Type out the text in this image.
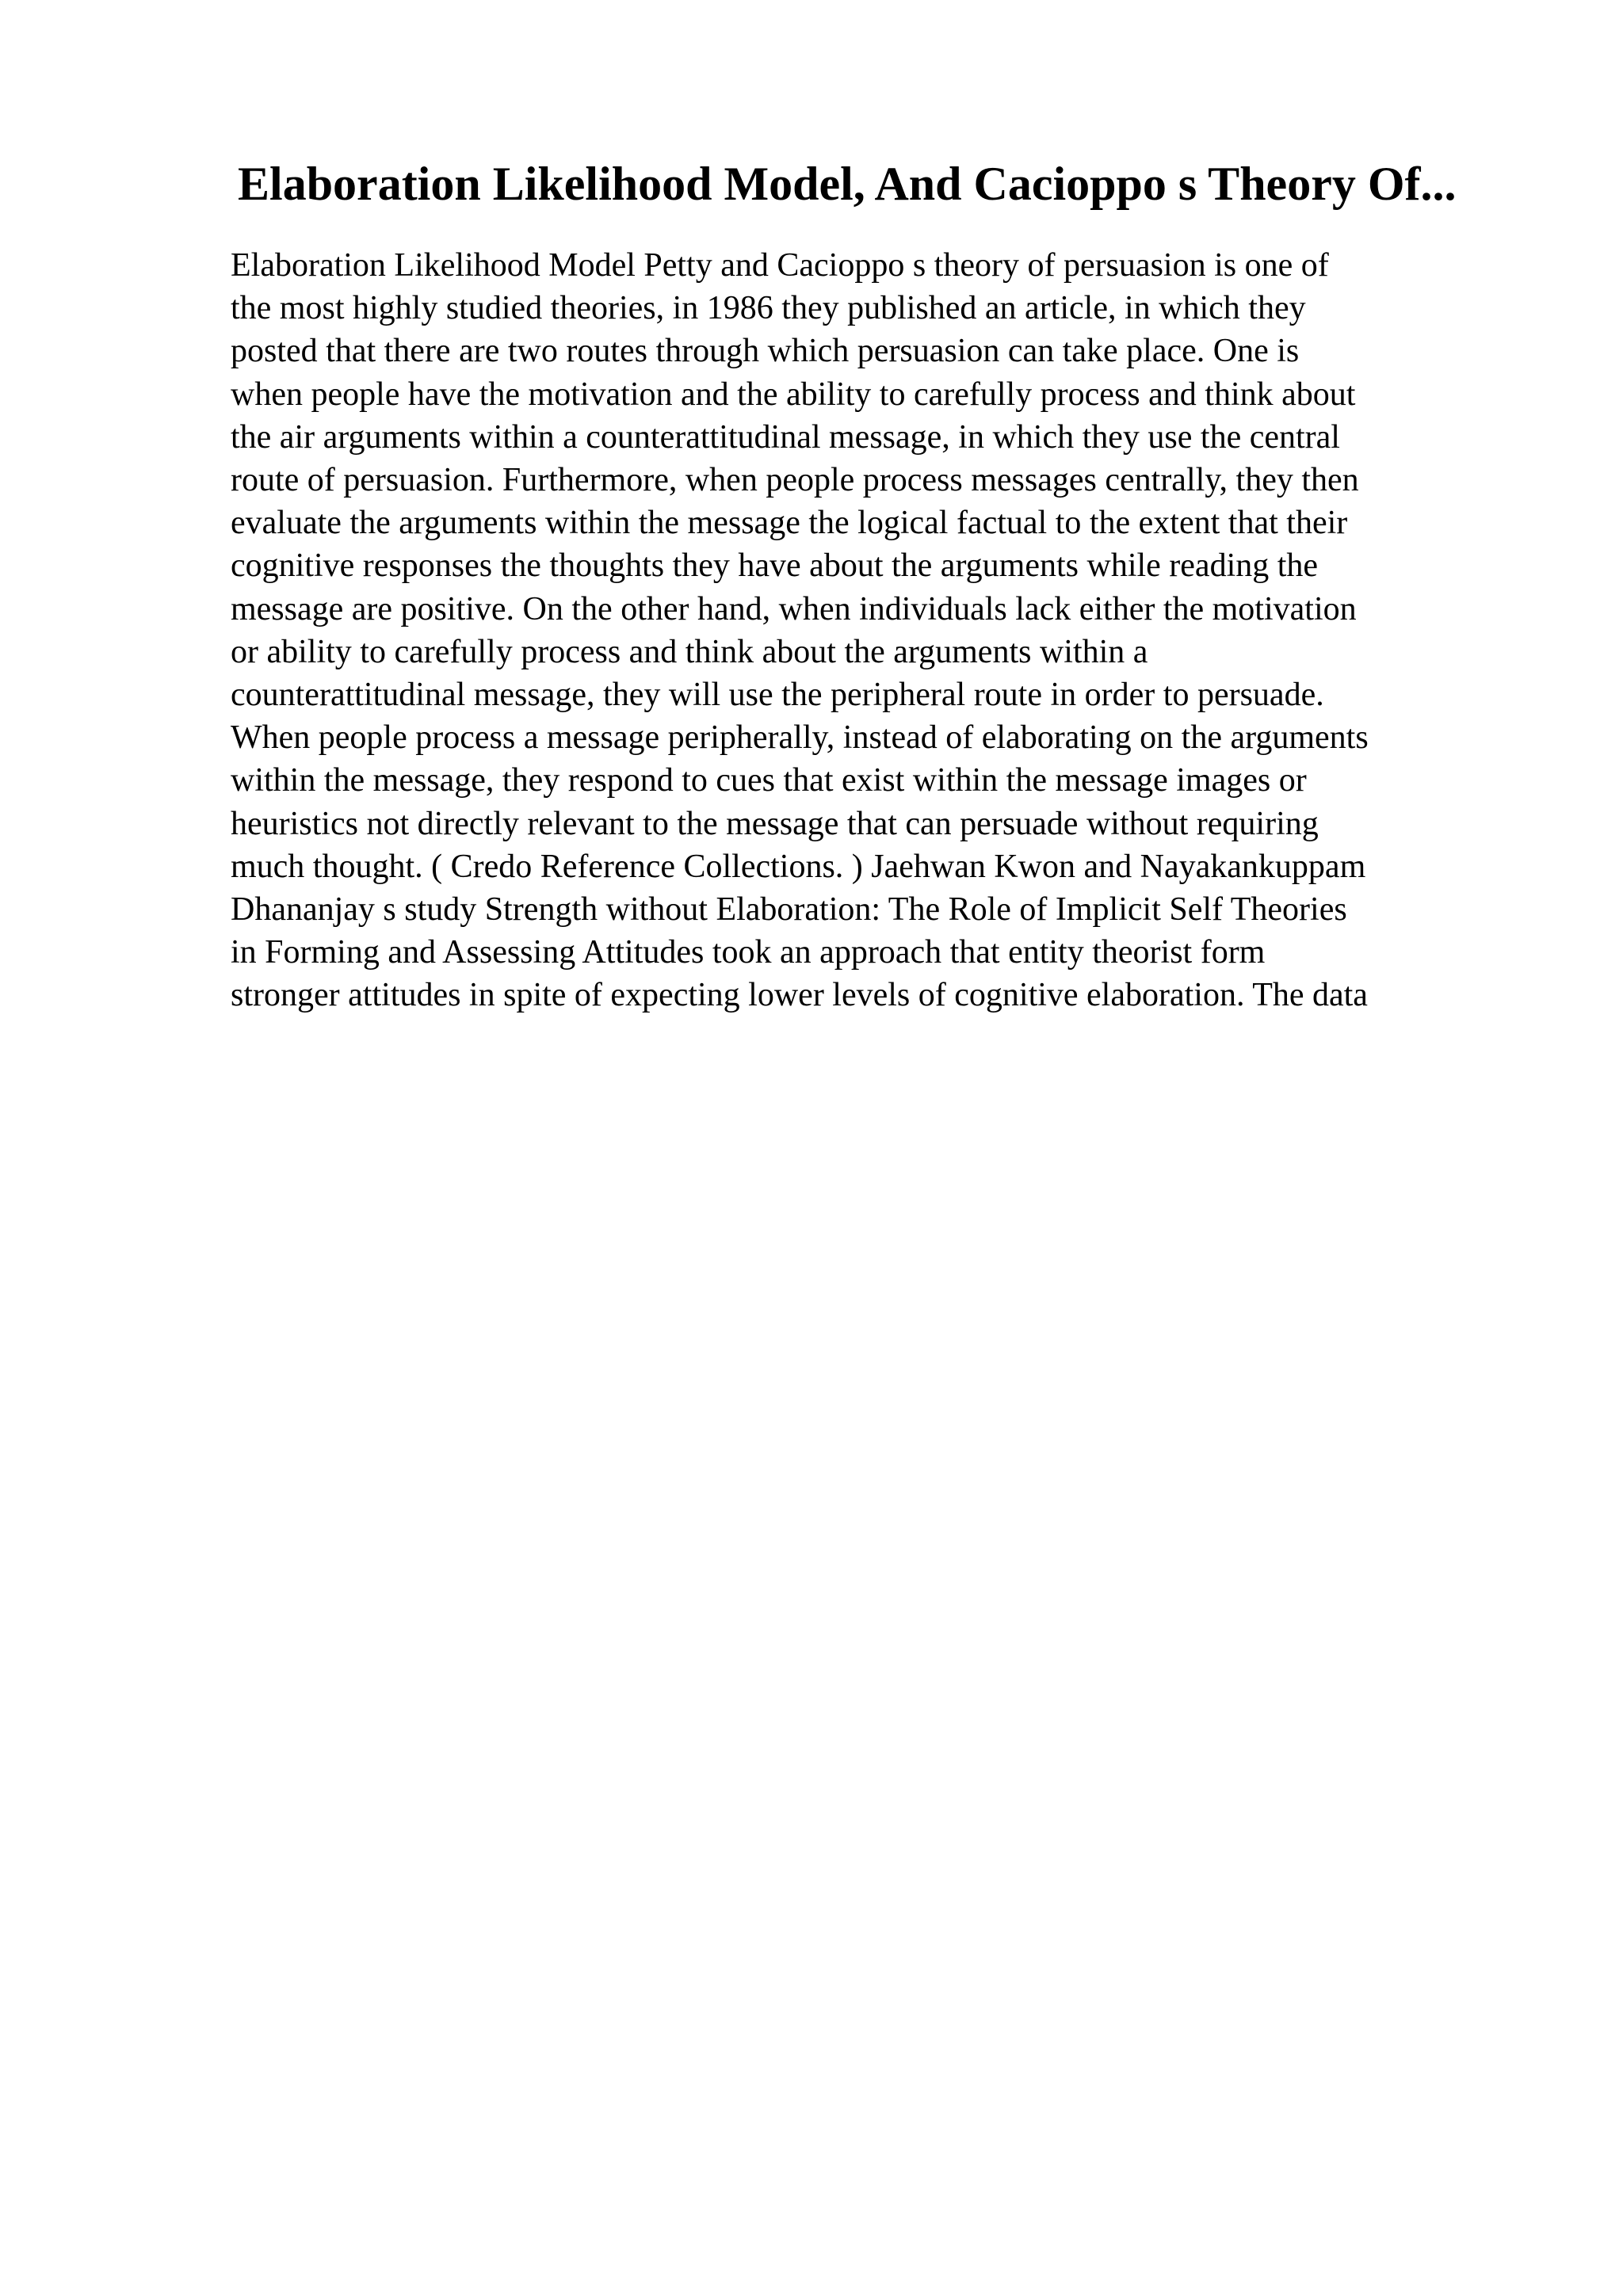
Elaboration Likelihood Model, And Cacioppo s Theory Of...
Elaboration Likelihood Model Petty and Cacioppo s theory of persuasion is one of
the most highly studied theories, in 1986 they published an article, in which they
posted that there are two routes through which persuasion can take place. One is
when people have the motivation and the ability to carefully process and think about
the air arguments within a counterattitudinal message, in which they use the central
route of persuasion. Furthermore, when people process messages centrally, they then
evaluate the arguments within the message the logical factual to the extent that their
cognitive responses the thoughts they have about the arguments while reading the
message are positive. On the other hand, when individuals lack either the motivation
or ability to carefully process and think about the arguments within a
counterattitudinal message, they will use the peripheral route in order to persuade.
When people process a message peripherally, instead of elaborating on the arguments
within the message, they respond to cues that exist within the message images or
heuristics not directly relevant to the message that can persuade without requiring
much thought. ( Credo Reference Collections. ) Jaehwan Kwon and Nayakankuppam
Dhananjay s study Strength without Elaboration: The Role of Implicit Self Theories
in Forming and Assessing Attitudes took an approach that entity theorist form
stronger attitudes in spite of expecting lower levels of cognitive elaboration. The data
